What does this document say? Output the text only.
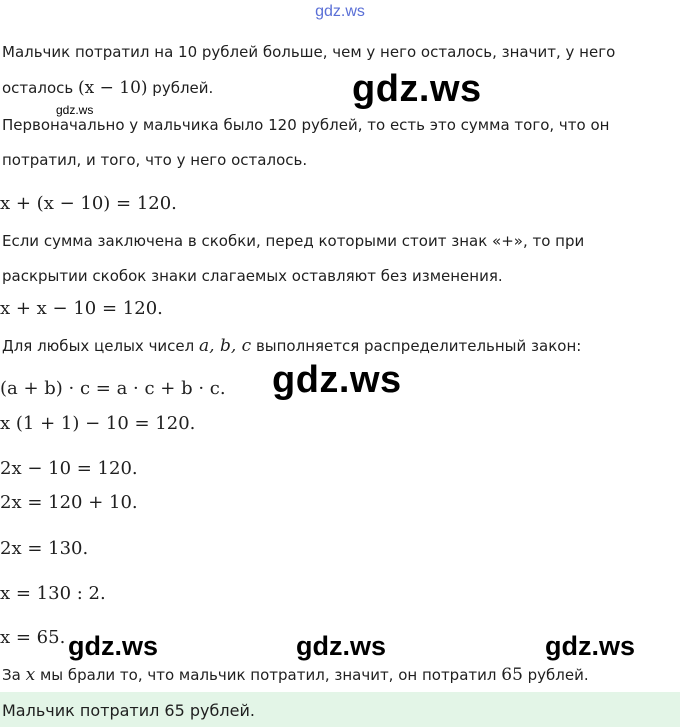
gdz.ws
Мальчик потратил на 10 рублей больше, чем у него осталось, значит, у него
осталось (x − 10) рублей.	gdz.ws
gdz.ws
Первоначально у мальчика было 120 рублей, то есть это сумма того, что он
потратил, и того, что у него осталось.
x + (x − 10) = 120.
Если сумма заключена в скобки, перед которыми стоит знак «+», то при
раскрытии скобок знаки слагаемых оставляют без изменения.
x + x − 10 = 120.
Для любых целых чисел a, b, c выполняется распределительный закон:
(a + b) · c = a · c + b · c. gdz.ws
x (1 + 1) − 10 = 120.
2x − 10 = 120.
2x = 120 + 10.
2x = 130.
x = 130 : 2.
x = 65. gdz.ws	gdz.ws	gdz.ws
За x мы брали то, что мальчик потратил, значит, он потратил 65 рублей.
Мальчик потратил 65 рублей.
